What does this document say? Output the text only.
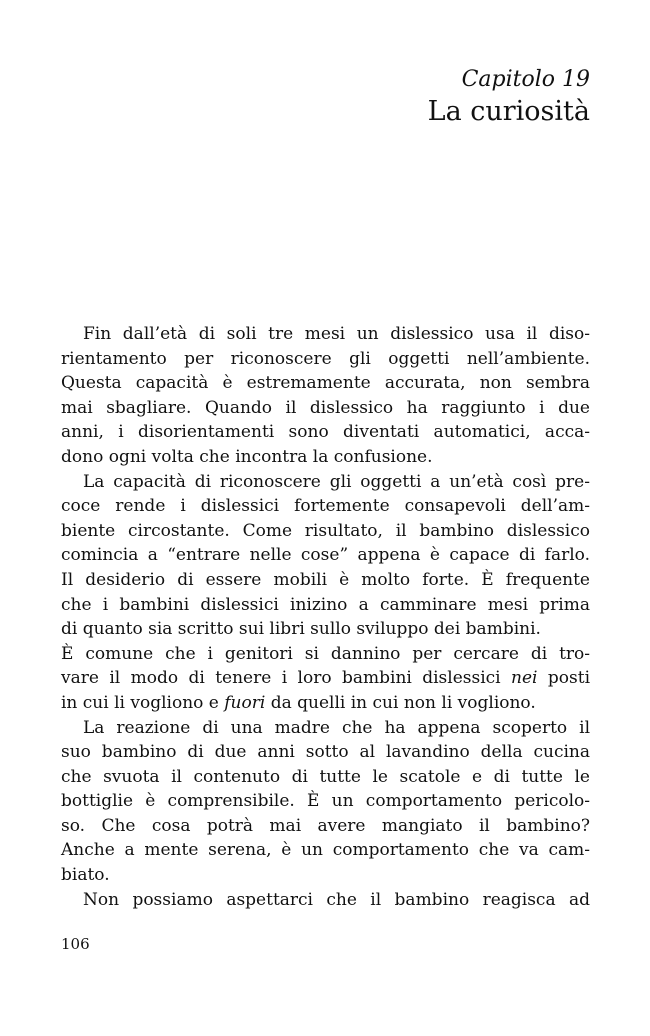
Capitolo 19
La curiosità

Fin dall’età di soli tre mesi un dislessico usa il diso-
rientamento per riconoscere gli oggetti nell’ambiente.
Questa capacità è estremamente accurata, non sembra
mai sbagliare. Quando il dislessico ha raggiunto i due
anni, i disorientamenti sono diventati automatici, acca-
dono ogni volta che incontra la confusione.

La capacità di riconoscere gli oggetti a un’età così pre-
coce rende i dislessici fortemente consapevoli dell’am-
biente circostante. Come risultato, il bambino dislessico
comincia a “entrare nelle cose” appena è capace di farlo.
Il desiderio di essere mobili è molto forte. È frequente
che i bambini dislessici inizino a camminare mesi prima
di quanto sia scritto sui libri sullo sviluppo dei bambini.
È comune che i genitori si dannino per cercare di tro-
vare il modo di tenere i loro bambini dislessici nei posti
in cui li vogliono e fuori da quelli in cui non li vogliono.

La reazione di una madre che ha appena scoperto il
suo bambino di due anni sotto al lavandino della cucina
che svuota il contenuto di tutte le scatole e di tutte le
bottiglie è comprensibile. È un comportamento pericolo-
so. Che cosa potrà mai avere mangiato il bambino?
Anche a mente serena, è un comportamento che va cam-
biato.

Non possiamo aspettarci che il bambino reagisca ad

106
